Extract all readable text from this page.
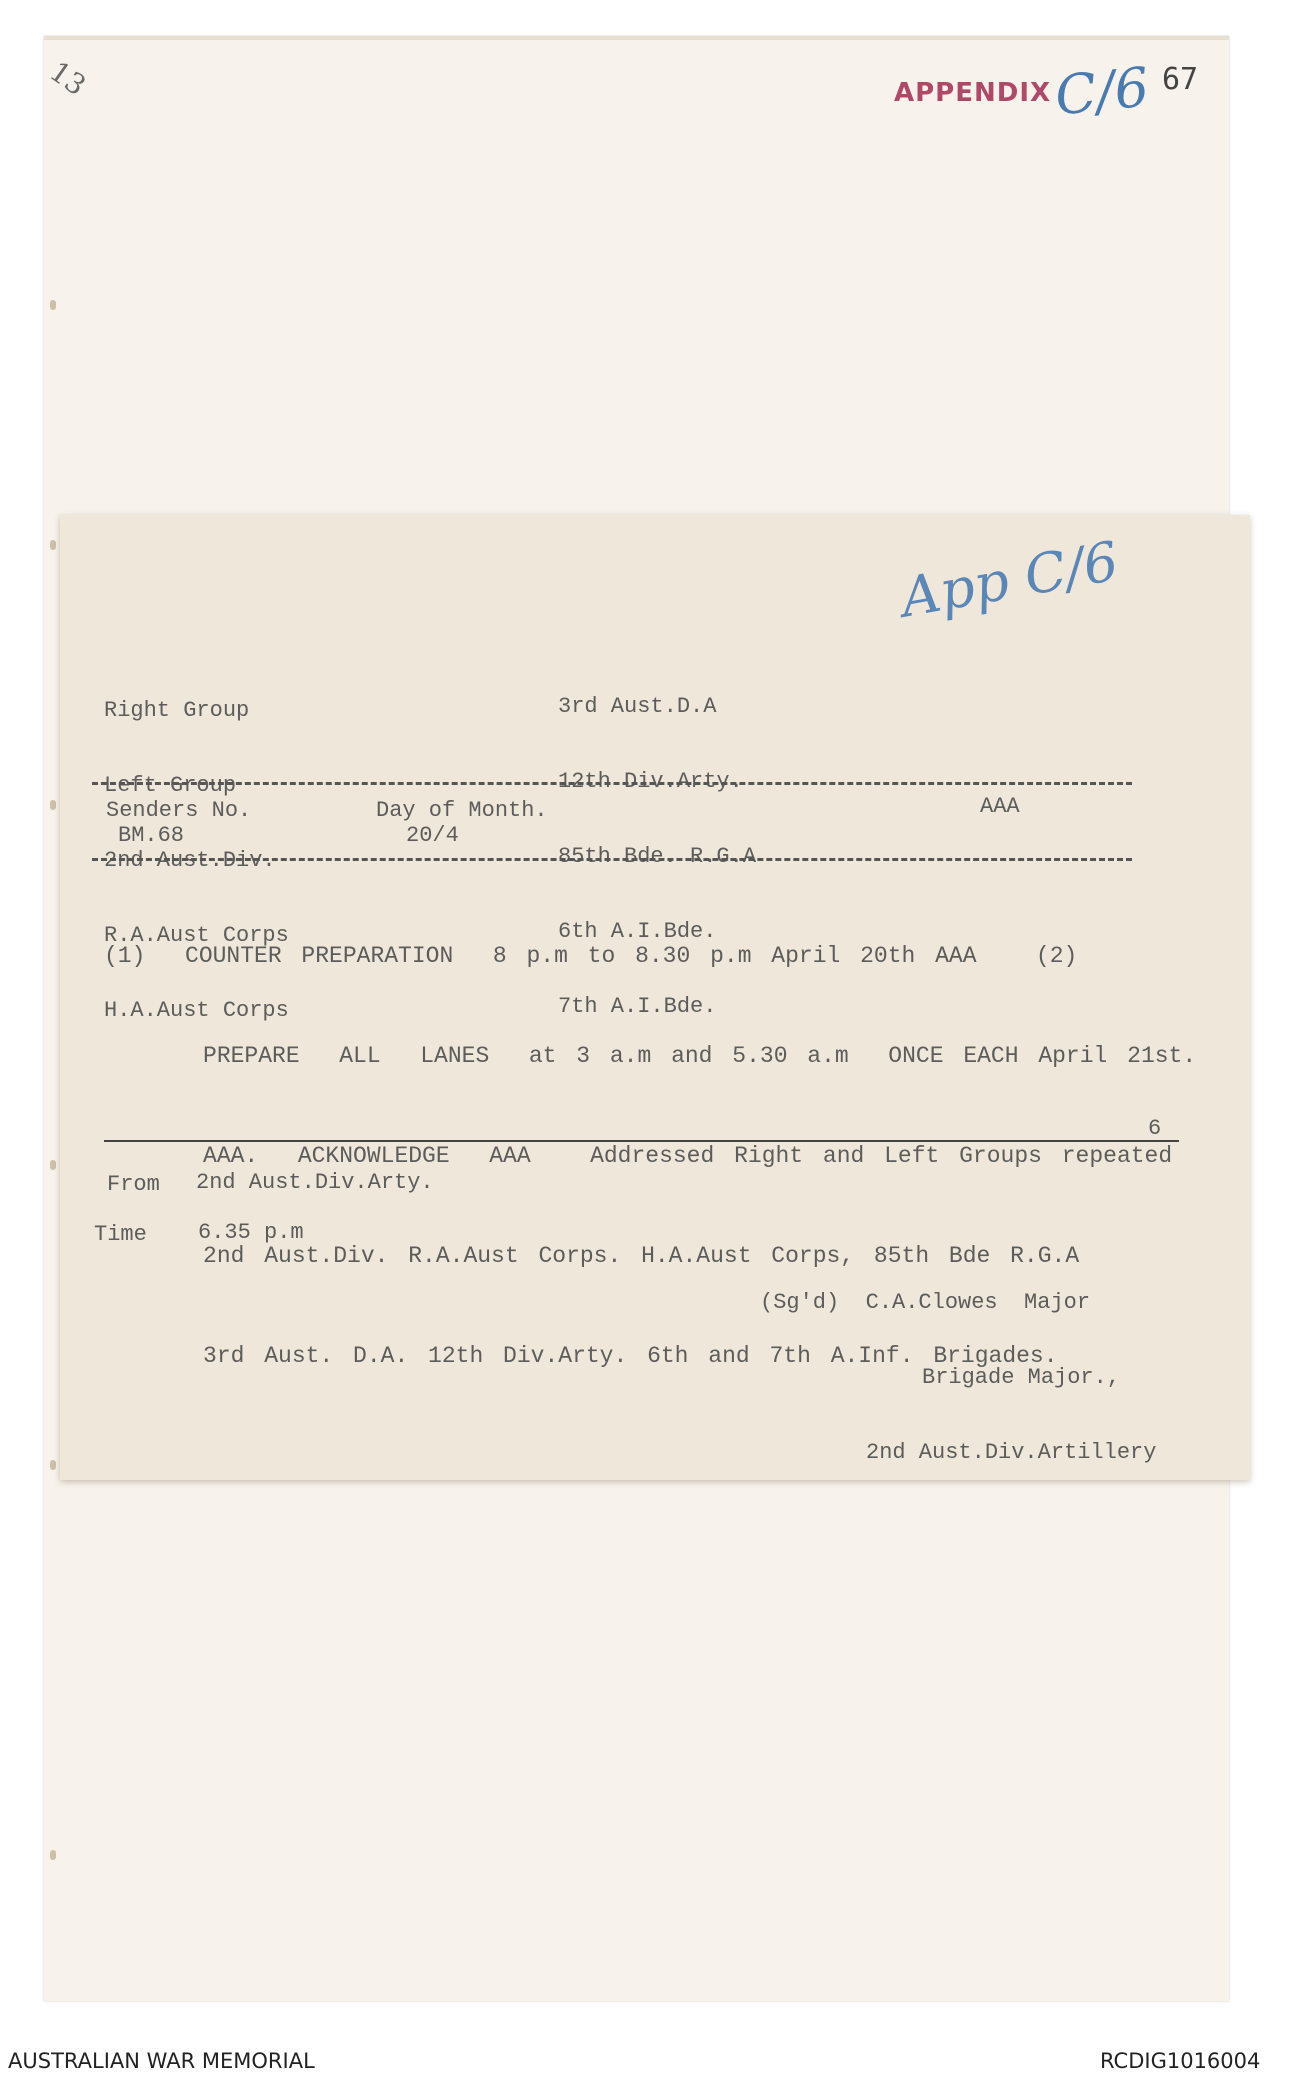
13	APPENDIX C/6 67
App C/6

Right Group

Left Group

2nd Aust.Div.

R.A.Aust Corps

H.A.Aust Corps

3rd Aust.D.A

12th Div.Arty.

85th Bde. R.G.A

6th A.I.Bde.

7th A.I.Bde.

Senders No.
BM.68
Day of Month.
20/4
AAA

(1)  COUNTER PREPARATION  8 p.m to 8.30 p.m April 20th AAA   (2)

PREPARE  ALL  LANES  at 3 a.m and 5.30 a.m  ONCE EACH April 21st.

AAA.  ACKNOWLEDGE  AAA   Addressed Right and Left Groups repeated

2nd Aust.Div. R.A.Aust Corps. H.A.Aust Corps, 85th Bde R.G.A

3rd Aust. D.A. 12th Div.Arty. 6th and 7th A.Inf. Brigades.

6
From 2nd Aust.Div.Arty.
Time 6.35 p.m

(Sg'd)  C.A.Clowes  Major

Brigade Major.,

2nd Aust.Div.Artillery

AUSTRALIAN WAR MEMORIAL	RCDIG1016004
